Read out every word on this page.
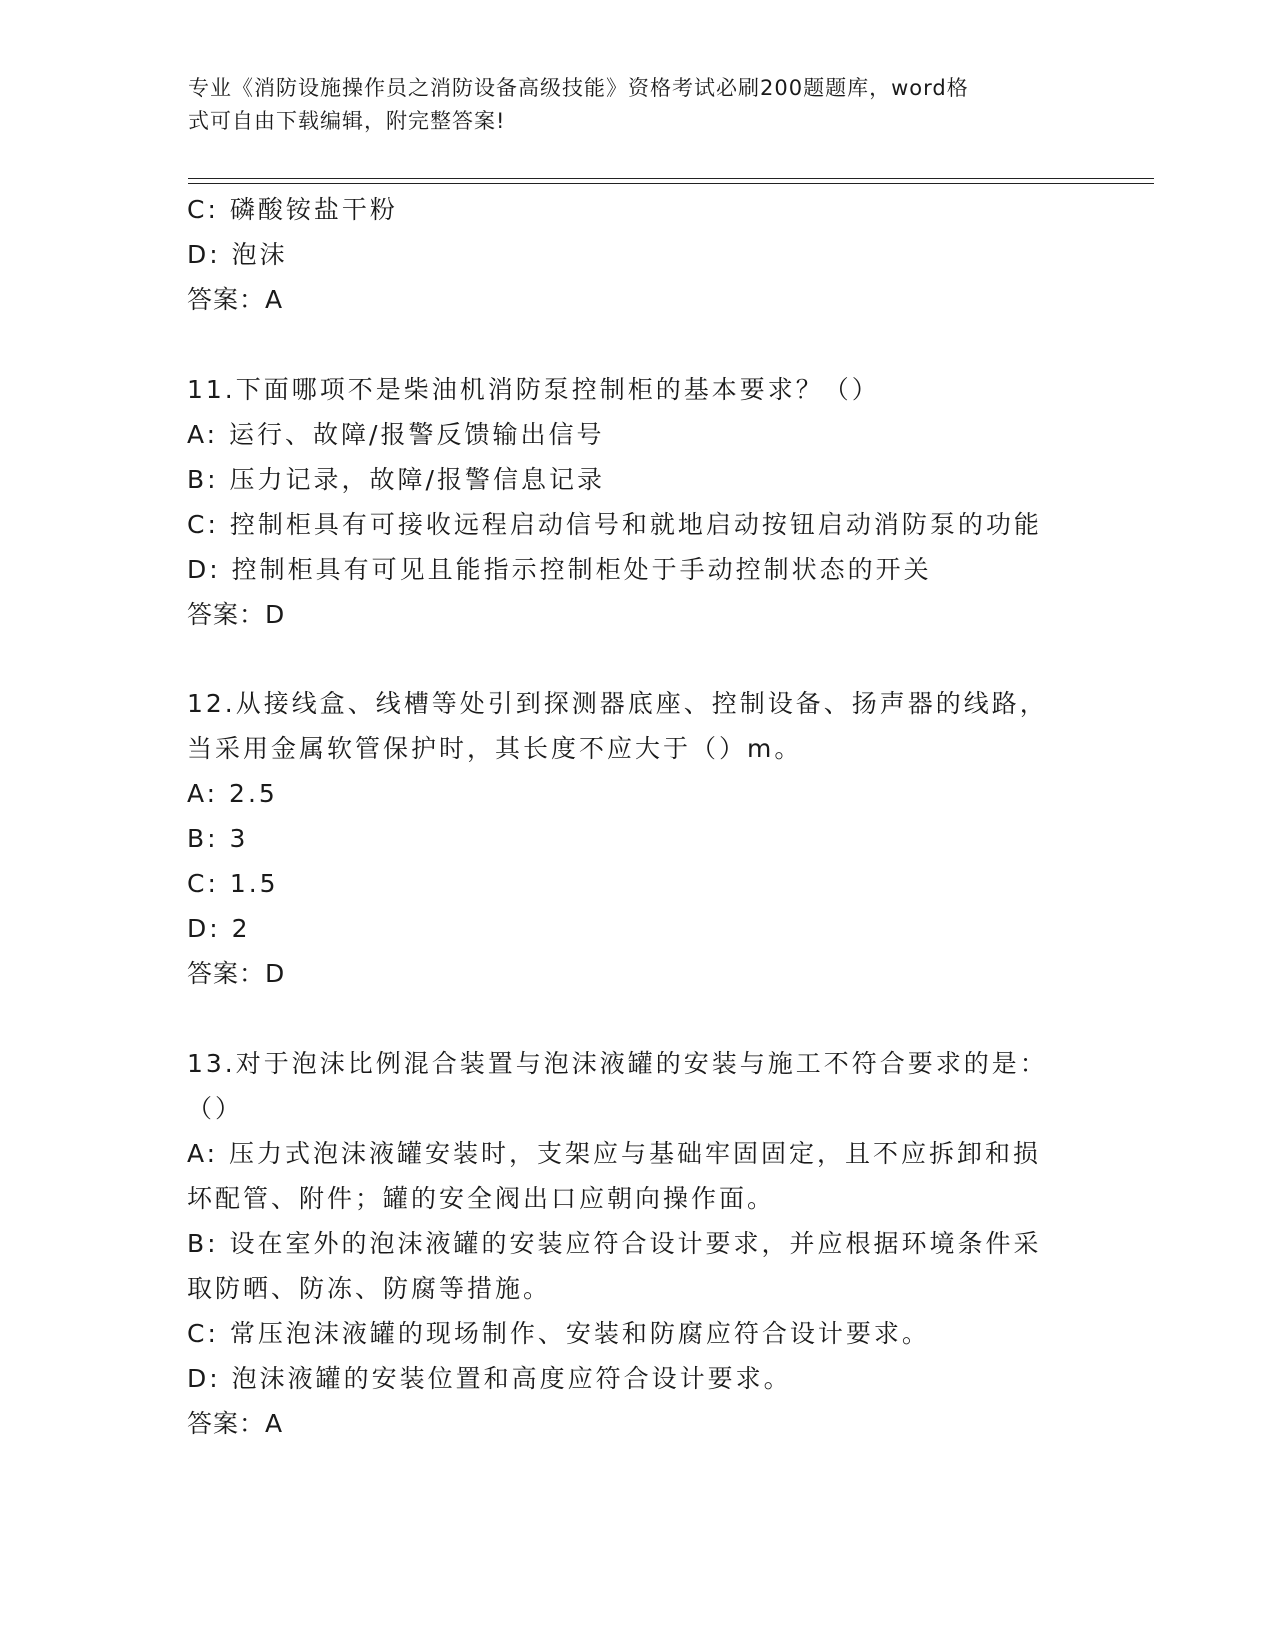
专业《消防设施操作员之消防设备高级技能》资格考试必刷200题题库，word格
式可自由下载编辑，附完整答案!
C: 磷酸铵盐干粉
D: 泡沫
答案：A
11.下面哪项不是柴油机消防泵控制柜的基本要求？（）
A: 运行、故障/报警反馈输出信号
B: 压力记录，故障/报警信息记录
C: 控制柜具有可接收远程启动信号和就地启动按钮启动消防泵的功能
D: 控制柜具有可见且能指示控制柜处于手动控制状态的开关
答案：D
12.从接线盒、线槽等处引到探测器底座、控制设备、扬声器的线路，
当采用金属软管保护时，其长度不应大于（）m。
A: 2.5
B: 3
C: 1.5
D: 2
答案：D
13.对于泡沫比例混合装置与泡沫液罐的安装与施工不符合要求的是：
（）
A: 压力式泡沫液罐安装时，支架应与基础牢固固定，且不应拆卸和损
坏配管、附件；罐的安全阀出口应朝向操作面。
B: 设在室外的泡沫液罐的安装应符合设计要求，并应根据环境条件采
取防晒、防冻、防腐等措施。
C: 常压泡沫液罐的现场制作、安装和防腐应符合设计要求。
D: 泡沫液罐的安装位置和高度应符合设计要求。
答案：A
